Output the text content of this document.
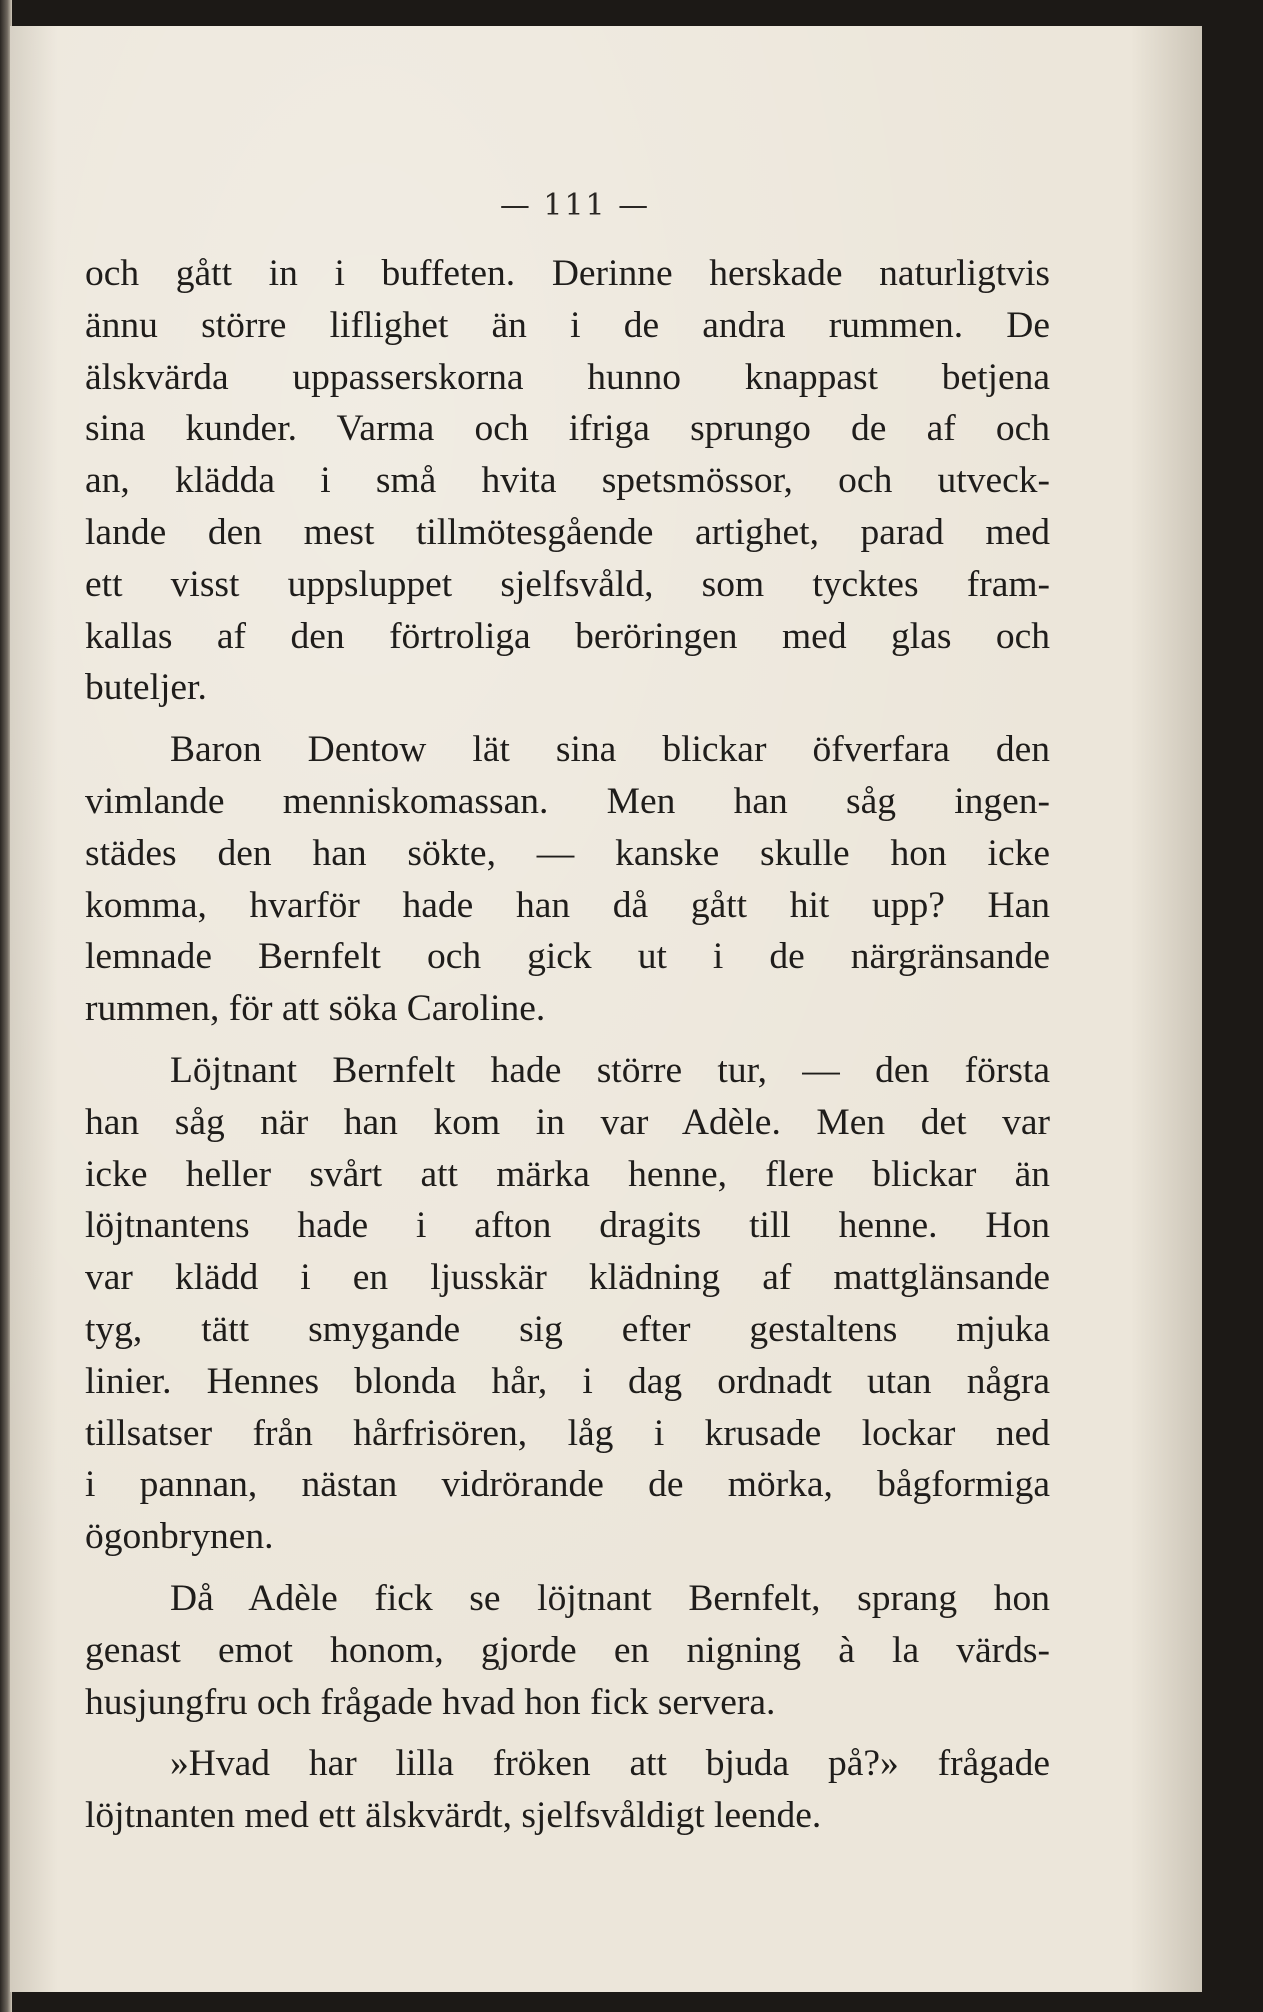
— 111 —

och gått in i buffeten. Derinne herskade naturligtvis
ännu större liflighet än i de andra rummen. De
älskvärda uppasserskorna hunno knappast betjena
sina kunder. Varma och ifriga sprungo de af och
an, klädda i små hvita spetsmössor, och utveck-
lande den mest tillmötesgående artighet, parad med
ett visst uppsluppet sjelfsvåld, som tycktes fram-
kallas af den förtroliga beröringen med glas och
buteljer.

Baron Dentow lät sina blickar öfverfara den
vimlande menniskomassan. Men han såg ingen-
städes den han sökte, — kanske skulle hon icke
komma, hvarför hade han då gått hit upp? Han
lemnade Bernfelt och gick ut i de närgränsande
rummen, för att söka Caroline.

Löjtnant Bernfelt hade större tur, — den första
han såg när han kom in var Adèle. Men det var
icke heller svårt att märka henne, flere blickar än
löjtnantens hade i afton dragits till henne. Hon
var klädd i en ljusskär klädning af mattglänsande
tyg, tätt smygande sig efter gestaltens mjuka
linier. Hennes blonda hår, i dag ordnadt utan några
tillsatser från hårfrisören, låg i krusade lockar ned
i pannan, nästan vidrörande de mörka, bågformiga
ögonbrynen.

Då Adèle fick se löjtnant Bernfelt, sprang hon
genast emot honom, gjorde en nigning à la värds-
husjungfru och frågade hvad hon fick servera.

»Hvad har lilla fröken att bjuda på?» frågade
löjtnanten med ett älskvärdt, sjelfsvåldigt leende.
